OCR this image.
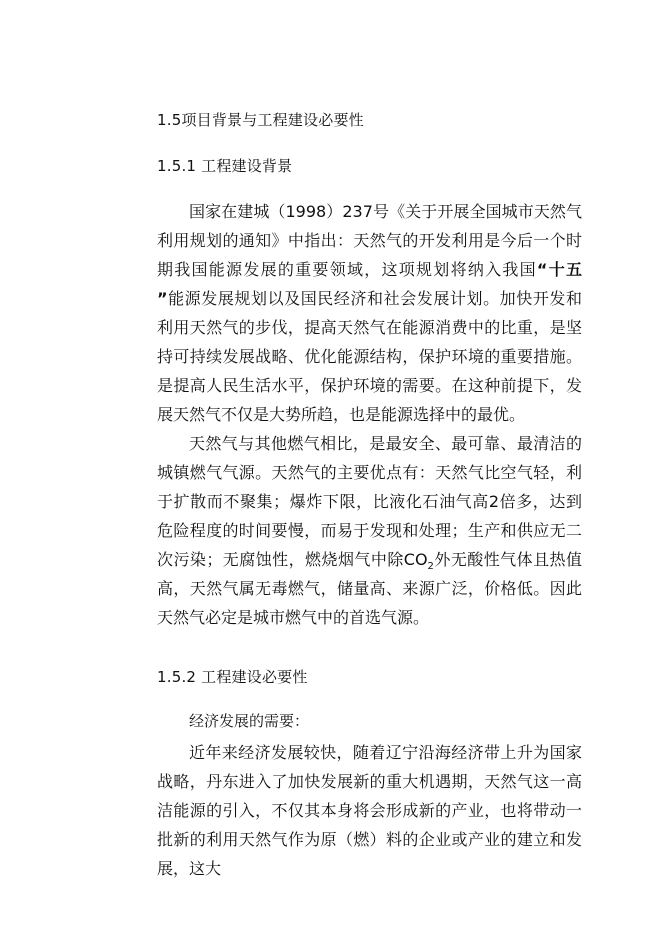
1.5项目背景与工程建设必要性
1.5.1 工程建设背景

国家在建城（1998）237号《关于开展全国城市天然气利用规划的通知》中指出：天然气的开发利用是今后一个时期我国能源发展的重要领域，这项规划将纳入我国“十五 ”能源发展规划以及国民经济和社会发展计划。加快开发和利用天然气的步伐，提高天然气在能源消费中的比重，是坚持可持续发展战略、优化能源结构，保护环境的重要措施。是提高人民生活水平，保护环境的需要。在这种前提下，发展天然气不仅是大势所趋，也是能源选择中的最优。

天然气与其他燃气相比，是最安全、最可靠、最清洁的城镇燃气气源。天然气的主要优点有：天然气比空气轻，利于扩散而不聚集；爆炸下限，比液化石油气高2倍多，达到危险程度的时间要慢，而易于发现和处理；生产和供应无二次污染；无腐蚀性，燃烧烟气中除$CO_2$外无酸性气体且热值高，天然气属无毒燃气，储量高、来源广泛，价格低。因此天然气必定是城市燃气中的首选气源。

1.5.2 工程建设必要性
经济发展的需要：

近年来经济发展较快，随着辽宁沿海经济带上升为国家战略，丹东进入了加快发展新的重大机遇期，天然气这一高洁能源的引入，不仅其本身将会形成新的产业，也将带动一批新的利用天然气作为原（燃）料的企业或产业的建立和发展，这大
